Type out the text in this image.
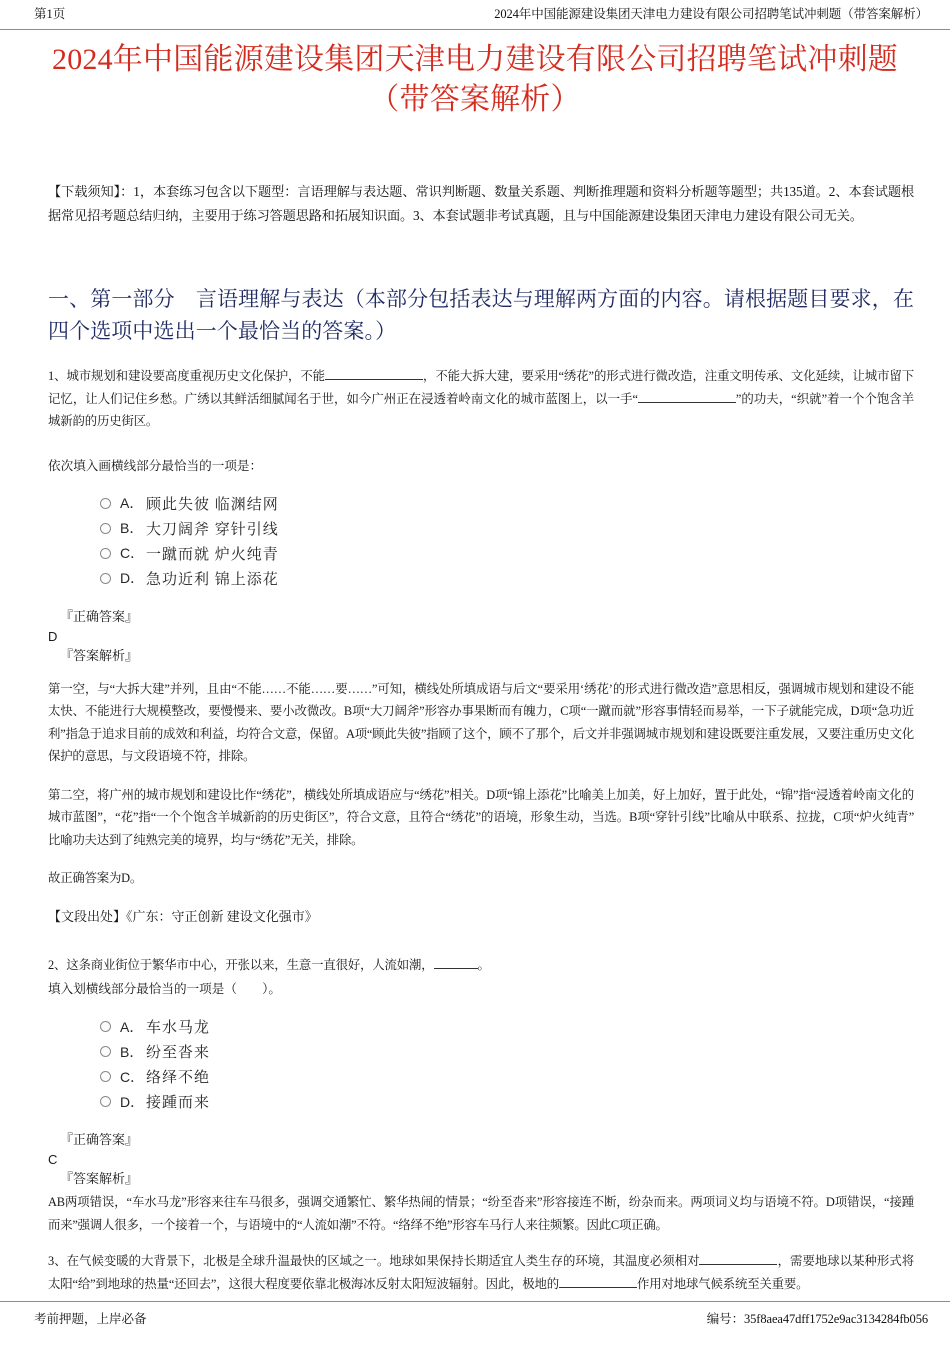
第1页	2024年中国能源建设集团天津电力建设有限公司招聘笔试冲刺题（带答案解析）
2024年中国能源建设集团天津电力建设有限公司招聘笔试冲刺题（带答案解析）
【下载须知】：1，本套练习包含以下题型：言语理解与表达题、常识判断题、数量关系题、判断推理题和资料分析题等题型；共135道。2、本套试题根据常见招考题总结归纳，主要用于练习答题思路和拓展知识面。3、本套试题非考试真题，且与中国能源建设集团天津电力建设有限公司无关。
一、第一部分　言语理解与表达（本部分包括表达与理解两方面的内容。请根据题目要求，在四个选项中选出一个最恰当的答案。）
1、城市规划和建设要高度重视历史文化保护，不能	，不能大拆大建，要采用“绣花”的形式进行微改造，注重文明传承、文化延续，让城市留下记忆，让人们记住乡愁。广绣以其鲜活细腻闻名于世，如今广州正在浸透着岭南文化的城市蓝图上，以一手“	”的功夫，“织就”着一个个饱含羊城新韵的历史街区。
依次填入画横线部分最恰当的一项是：
A． 顾此失彼 临渊结网
B． 大刀阔斧 穿针引线
C． 一蹴而就 炉火纯青
D． 急功近利 锦上添花
『正确答案』
D
『答案解析』
第一空，与“大拆大建”并列，且由“不能……不能……要……”可知，横线处所填成语与后文“要采用‘绣花’的形式进行微改造”意思相反，强调城市规划和建设不能太快、不能进行大规模整改，要慢慢来、要小改微改。B项“大刀阔斧”形容办事果断而有魄力，C项“一蹴而就”形容事情轻而易举，一下子就能完成，D项“急功近利”指急于追求目前的成效和利益，均符合文意，保留。A项“顾此失彼”指顾了这个，顾不了那个，后文并非强调城市规划和建设既要注重发展，又要注重历史文化保护的意思，与文段语境不符，排除。
第二空，将广州的城市规划和建设比作“绣花”，横线处所填成语应与“绣花”相关。D项“锦上添花”比喻美上加美，好上加好，置于此处，“锦”指“浸透着岭南文化的城市蓝图”，“花”指“一个个饱含羊城新韵的历史街区”，符合文意，且符合“绣花”的语境，形象生动，当选。B项“穿针引线”比喻从中联系、拉拢，C项“炉火纯青”比喻功夫达到了纯熟完美的境界，均与“绣花”无关，排除。
故正确答案为D。
【文段出处】《广东：守正创新 建设文化强市》
2、这条商业街位于繁华市中心，开张以来，生意一直很好，人流如潮，	。
填入划横线部分最恰当的一项是（　　）。
A． 车水马龙
B． 纷至沓来
C． 络绎不绝
D． 接踵而来
『正确答案』
C
『答案解析』
AB两项错误，“车水马龙”形容来往车马很多，强调交通繁忙、繁华热闹的情景；“纷至沓来”形容接连不断，纷杂而来。两项词义均与语境不符。D项错误，“接踵而来”强调人很多，一个接着一个，与语境中的“人流如潮”不符。“络绎不绝”形容车马行人来往频繁。因此C项正确。
3、在气候变暖的大背景下，北极是全球升温最快的区域之一。地球如果保持长期适宜人类生存的环境，其温度必须相对	，需要地球以某种形式将太阳“给”到地球的热量“还回去”，这很大程度要依靠北极海冰反射太阳短波辐射。因此，极地的	作用对地球气候系统至关重要。
考前押题，上岸必备	编号：35f8aea47dff1752e9ac3134284fb056
